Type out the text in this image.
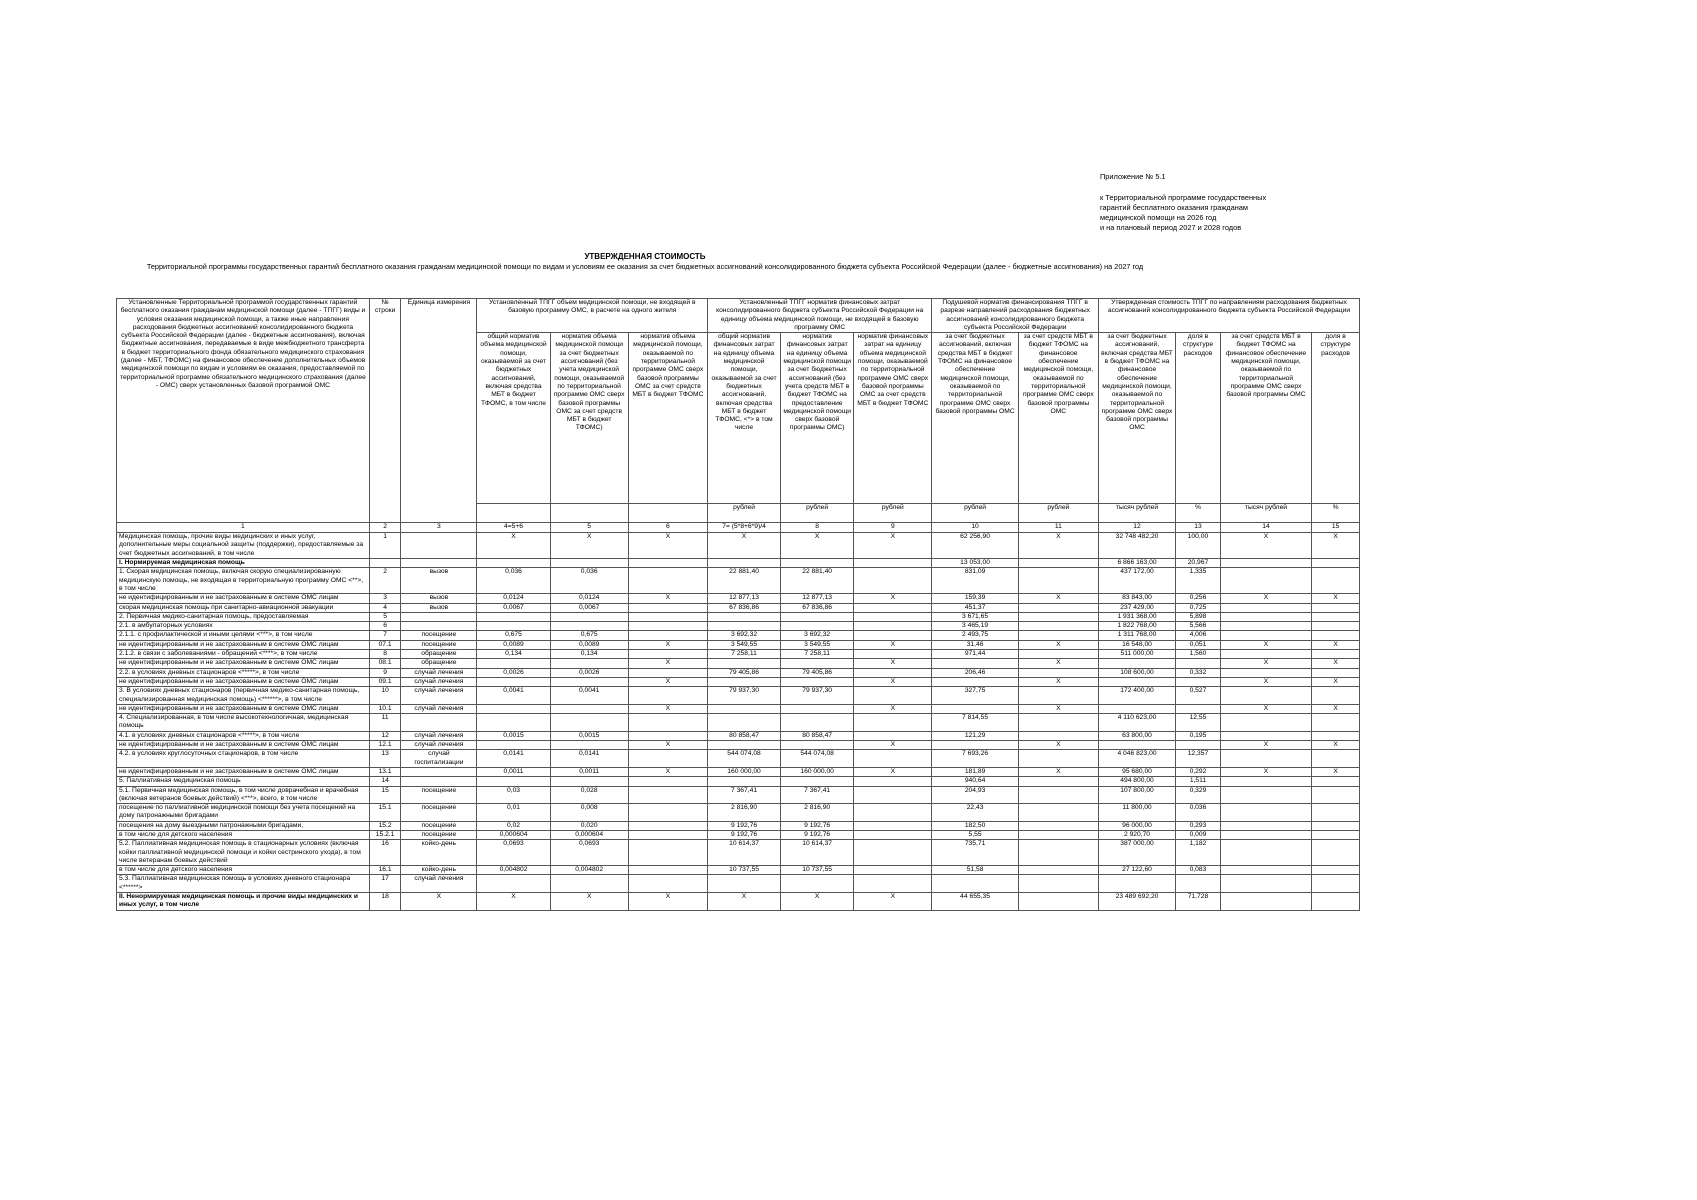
Приложение № 5.1
к Территориальной программе государственных
гарантий бесплатного оказания гражданам
медицинской помощи на 2026 год
и на плановый период 2027 и 2028 годов
УТВЕРЖДЕННАЯ СТОИМОСТЬ
Территориальной программы государственных гарантий бесплатного оказания гражданам медицинской помощи по видам и условиям ее оказания за счет бюджетных ассигнований консолидированного бюджета субъекта Российской Федерации (далее - бюджетные ассигнования) на 2027 год
Установленные Территориальной программой государственных гарантий бесплатного оказания гражданам медицинской помощи (далее - ТПГГ) виды и условия оказания медицинской помощи, а также иные направления расходования бюджетных ассигнований консолидированного бюджета субъекта Российской Федерации (далее - бюджетные ассигнования), включая бюджетные ассигнования, передаваемые в виде межбюджетного трансферта в бюджет территориального фонда обязательного медицинского страхования (далее - МБТ, ТФОМС) на финансовое обеспечение дополнительных объемов медицинской помощи по видам и условиям ее оказания, предоставляемой по территориальной программе обязательного медицинского страхования (далее - ОМС) сверх установленных базовой программой ОМС	№ строки	Единица измерения	Установленный ТПГГ объем медицинской помощи, не входящей в базовую программу ОМС, в расчете на одного жителя			Установленный ТПГГ норматив финансовых затрат консолидированного бюджета субъекта Российской Федерации на единицу объема медицинской помощи, не входящей в базовую программу ОМС			Подушевой норматив финансирования ТПГГ в разрезе направлений расходования бюджетных ассигнований консолидированного бюджета субъекта Российской Федерации		Утвержденная стоимость ТПГГ по направлениям расходования бюджетных ассигнований консолидированного бюджета субъекта Российской Федерации			
			общий норматив объема медицинской помощи, оказываемой за счет бюджетных ассигнований, включая средства МБТ в бюджет ТФОМС, в том числе	норматив объема медицинской помощи за счет бюджетных ассигнований (без учета медицинской помощи, оказываемой по территориальной программе ОМС сверх базовой программы ОМС за счет средств МБТ в бюджет ТФОМС)	норматив объема медицинской помощи, оказываемой по территориальной программе ОМС сверх базовой программы ОМС за счет средств МБТ в бюджет ТФОМС	общий норматив финансовых затрат на единицу объема медицинской помощи, оказываемой за счет бюджетных ассигнований, включая средства МБТ в бюджет ТФОМС, <*> в том числе	норматив финансовых затрат на единицу объема медицинской помощи за счет бюджетных ассигнований (без учета средств МБТ в бюджет ТФОМС на предоставление медицинской помощи сверх базовой программы ОМС)	норматив финансовых затрат на единицу объема медицинской помощи, оказываемой по территориальной программе ОМС сверх базовой программы ОМС за счет средств МБТ в бюджет ТФОМС	за счет бюджетных ассигнований, включая средства МБТ в бюджет ТФОМС на финансовое обеспечение медицинской помощи, оказываемой по территориальной программе ОМС сверх базовой программы ОМС	за счет средств МБТ в бюджет ТФОМС на финансовое обеспечение медицинской помощи, оказываемой по территориальной программе ОМС сверх базовой программы ОМС	за счет бюджетных ассигнований, включая средства МБТ в бюджет ТФОМС на финансовое обеспечение медицинской помощи, оказываемой по территориальной программе ОМС сверх базовой программы ОМС	доля в структуре расходов	за счет средств МБТ в бюджет ТФОМС на финансовое обеспечение медицинской помощи, оказываемой по территориальной программе ОМС сверх базовой программы ОМС	доля в структуре расходов
						рублей	рублей	рублей	рублей	рублей	тысяч рублей	%	тысяч рублей	%
1	2	3	4=5+6	5	6	7= (5*8+6*9)/4	8	9	10	11	12	13	14	15
Медицинская помощь, прочие виды медицинских и иных услуг, дополнительные меры социальной защиты (поддержки), предоставляемые за счет бюджетных ассигнований, в том числе	1		X	X	X	X	X	X	62 256,90	X	32 748 482,20	100,00	X	X
I. Нормируемая медицинская помощь									13 053,00		6 866 163,00	20,967		
1. Скорая медицинская помощь, включая скорую специализированную медицинскую помощь, не входящая в территориальную программу ОМС <**>, в том числе	2	вызов	0,036	0,036		22 881,40	22 881,40		831,09		437 172,00	1,335		
не идентифицированным и не застрахованным в системе ОМС лицам	3	вызов	0,0124	0,0124	X	12 877,13	12 877,13	X	159,39	X	83 843,00	0,256	X	X
скорая медицинская помощь при санитарно-авиационной эвакуации	4	вызов	0,0067	0,0067		67 836,86	67 836,86		451,37		237 429,00	0,725		
2. Первичная медико-санитарная помощь, предоставляемая	5								3 671,65		1 931 368,00	5,898		
2.1. в амбулаторных условиях	6								3 465,19		1 822 768,00	5,566		
2.1.1. с профилактической и иными целями <***>, в том числе	7	посещение	0,675	0,675		3 692,32	3 692,32		2 493,75		1 311 768,00	4,006		
не идентифицированным и не застрахованным в системе ОМС лицам	07.1	посещение	0,0089	0,0089	X	3 549,55	3 549,55	X	31,46	X	16 548,00	0,051	X	X
2.1.2. в связи с заболеваниями - обращений <****>, в том числе	8	обращение	0,134	0,134		7 258,11	7 258,11		971,44		511 000,00	1,560		
не идентифицированным и не застрахованным в системе ОМС лицам	08.1	обращение			X			X		X			X	X
2.2. в условиях дневных стационаров <*****>, в том числе	9	случай лечения	0,0026	0,0026		79 405,86	79 405,86		206,46		108 600,00	0,332		
не идентифицированным и не застрахованным в системе ОМС лицам	09.1	случай лечения			X			X		X			X	X
3. В условиях дневных стационаров (первичная медико-санитарная помощь, специализированная медицинская помощь) <******>, в том числе	10	случай лечения	0,0041	0,0041		79 937,30	79 937,30		327,75		172 400,00	0,527		
не идентифицированным и не застрахованным в системе ОМС лицам	10.1	случай лечения			X			X		X			X	X
4. Специализированная, в том числе высокотехнологичная, медицинская помощь	11								7 814,55		4 110 623,00	12,55		
4.1. в условиях дневных стационаров <*****>, в том числе	12	случай лечения	0,0015	0,0015		80 858,47	80 858,47		121,29		63 800,00	0,195		
не идентифицированным и не застрахованным в системе ОМС лицам	12.1	случай лечения			X			X		X			X	X
4.2. в условиях круглосуточных стационаров, в том числе	13	случай госпитализации	0,0141	0,0141		544 074,08	544 074,08		7 693,26		4 046 823,00	12,357		
не идентифицированным и не застрахованным в системе ОМС лицам	13.1		0,0011	0,0011	X	160 000,00	160 000,00	X	181,89	X	95 680,00	0,292	X	X
5. Паллиативная медицинская помощь	14								940,64		494 800,00	1,511		
5.1. Первичная медицинская помощь, в том числе доврачебная и врачебная (включая ветеранов боевых действий) <***>, всего, в том числе	15	посещение	0,03	0,028		7 367,41	7 367,41		204,93		107 800,00	0,329		
посещение по паллиативной медицинской помощи без учета посещений на дому патронажными бригадами	15.1	посещение	0,01	0,008		2 816,90	2 816,90		22,43		11 800,00	0,036		
посещения на дому выездными патронажными бригадами,	15.2	посещение	0,02	0,020		9 192,76	9 192,76		182,50		96 000,00	0,293		
в том числе для детского населения	15.2.1	посещение	0,000604	0,000604		9 192,76	9 192,76		5,55		2 920,70	0,009		
5.2. Паллиативная медицинская помощь в стационарных условиях (включая койки паллиативной медицинской помощи и койки сестринского ухода), в том числе ветеранам боевых действий	16	койко-день	0,0693	0,0693		10 614,37	10 614,37		735,71		387 000,00	1,182		
в том числе для детского населения	16.1	койко-день	0,004802	0,004802		10 737,55	10 737,55		51,58		27 122,60	0,083		
5.3. Паллиативная медицинская помощь в условиях дневного стационара <******>	17	случай лечения												
II. Ненормируемая медицинская помощь и прочие виды медицинских и иных услуг, в том числе	18	X	X	X	X	X	X	X	44 655,35		23 489 692,20	71,728		
